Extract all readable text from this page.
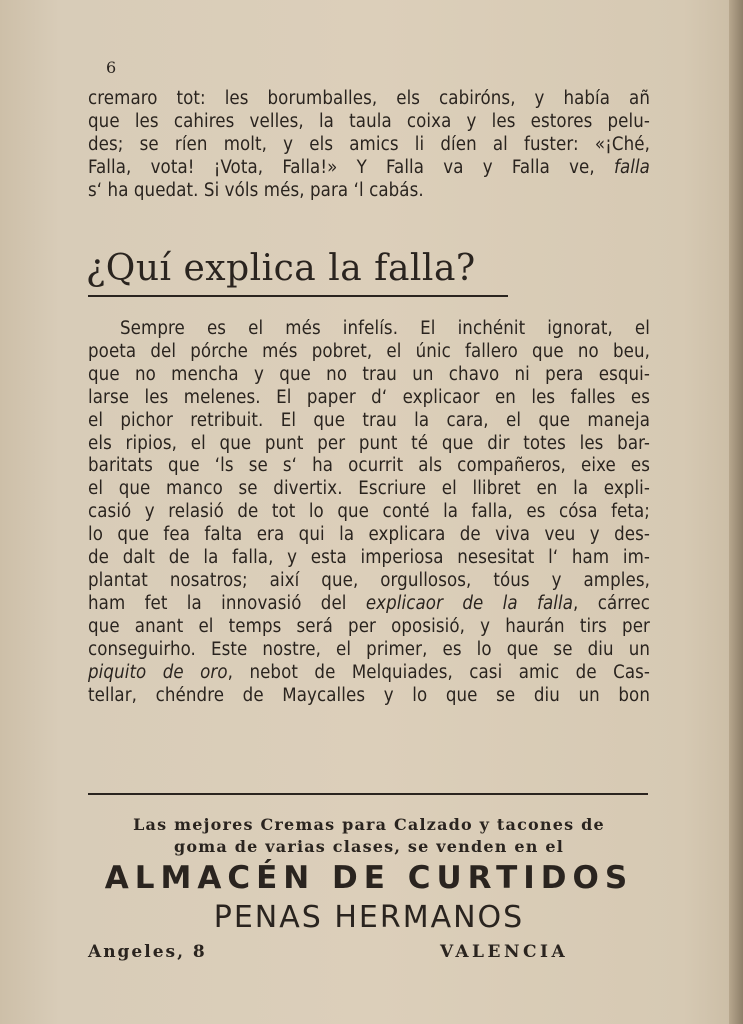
6
cremaro tot: les borumballes, els cabiróns, y había añ
que les cahires velles, la taula coixa y les estores pelu-
des; se ríen molt, y els amics li díen al fuster: «¡Ché,
Falla, vota! ¡Vota, Falla!» Y Falla va y Falla ve, falla
s‘ ha quedat. Si vóls més, para ‘l cabás.
¿Quí explica la falla?
Sempre es el més infelís. El inchénit ignorat, el
poeta del pórche més pobret, el únic fallero que no beu,
que no mencha y que no trau un chavo ni pera esqui-
larse les melenes. El paper d‘ explicaor en les falles es
el pichor retribuit. El que trau la cara, el que maneja
els ripios, el que punt per punt té que dir totes les bar-
baritats que ‘ls se s‘ ha ocurrit als compañeros, eixe es
el que manco se divertix. Escriure el llibret en la expli-
casió y relasió de tot lo que conté la falla, es cósa feta;
lo que fea falta era qui la explicara de viva veu y des-
de dalt de la falla, y esta imperiosa nesesitat l‘ ham im-
plantat nosatros; així que, orgullosos, tóus y amples,
ham fet la innovasió del explicaor de la falla, cárrec
que anant el temps será per oposisió, y haurán tirs per
conseguirho. Este nostre, el primer, es lo que se diu un
piquito de oro, nebot de Melquiades, casi amic de Cas-
tellar, chéndre de Maycalles y lo que se diu un bon
Las mejores Cremas para Calzado y tacones de
goma de varias clases, se venden en el
ALMACÉN DE CURTIDOS
PENAS HERMANOS
Angeles, 8	VALENCIA
